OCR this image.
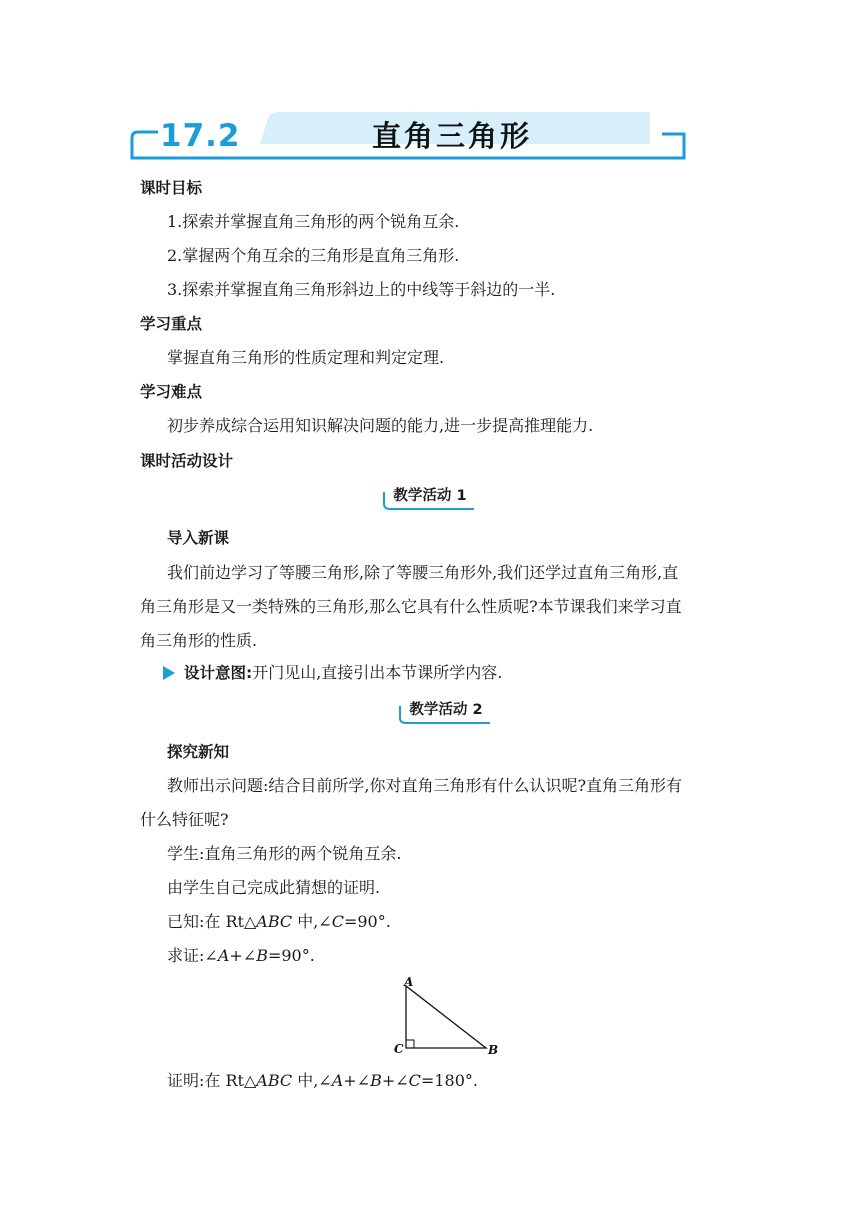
17.2	直角三角形
课时目标
1.探索并掌握直角三角形的两个锐角互余.
2.掌握两个角互余的三角形是直角三角形.
3.探索并掌握直角三角形斜边上的中线等于斜边的一半.
学习重点
掌握直角三角形的性质定理和判定定理.
学习难点
初步养成综合运用知识解决问题的能力,进一步提高推理能力.
课时活动设计
教学活动 1
导入新课
我们前边学习了等腰三角形,除了等腰三角形外,我们还学过直角三角形,直
角三角形是又一类特殊的三角形,那么它具有什么性质呢?本节课我们来学习直
角三角形的性质.
设计意图:开门见山,直接引出本节课所学内容.
教学活动 2
探究新知
教师出示问题:结合目前所学,你对直角三角形有什么认识呢?直角三角形有
什么特征呢?
学生:直角三角形的两个锐角互余.
由学生自己完成此猜想的证明.
已知:在 Rt△ABC 中,∠C=90°.
求证:∠A+∠B=90°.
A
C	B
证明:在 Rt△ABC 中,∠A+∠B+∠C=180°.
